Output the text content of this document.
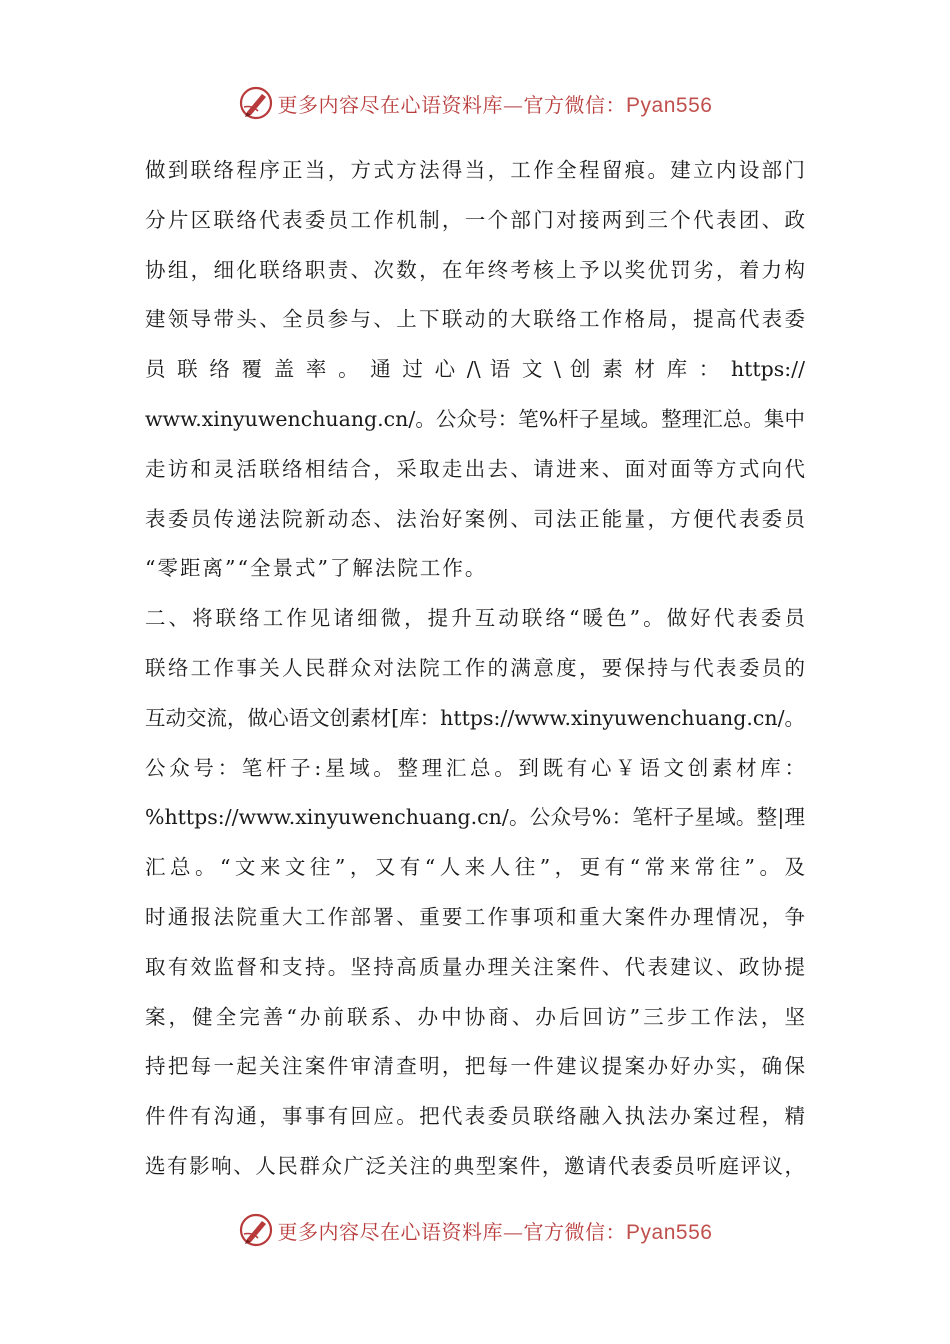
更多内容尽在心语资料库—官方微信：Pyan556
做到联络程序正当，方式方法得当，工作全程留痕。建立内设部门
分片区联络代表委员工作机制，一个部门对接两到三个代表团、政
协组，细化联络职责、次数，在年终考核上予以奖优罚劣，着力构
建领导带头、全员参与、上下联动的大联络工作格局，提高代表委
员 联 络 覆 盖 率 。 通 过 心 /\ 语 文 \ 创 素 材 库 ： https://
www.xinyuwenchuang.cn/。公众号：笔%杆子星域。整理汇总。集中
走访和灵活联络相结合，采取走出去、请进来、面对面等方式向代
表委员传递法院新动态、法治好案例、司法正能量，方便代表委员
“零距离”“全景式”了解法院工作。
二、将联络工作见诸细微，提升互动联络“暖色”。做好代表委员
联络工作事关人民群众对法院工作的满意度，要保持与代表委员的
互动交流，做心语文创素材[库：https://www.xinyuwenchuang.cn/。
公众号：笔杆子:星域。整理汇总。到既有心￥语文创素材库：
%https://www.xinyuwenchuang.cn/。公众号%：笔杆子星域。整|理
汇总。“文来文往”，又有“人来人往”，更有“常来常往”。及
时通报法院重大工作部署、重要工作事项和重大案件办理情况，争
取有效监督和支持。坚持高质量办理关注案件、代表建议、政协提
案，健全完善“办前联系、办中协商、办后回访”三步工作法，坚
持把每一起关注案件审清查明，把每一件建议提案办好办实，确保
件件有沟通，事事有回应。把代表委员联络融入执法办案过程，精
选有影响、人民群众广泛关注的典型案件，邀请代表委员听庭评议，
更多内容尽在心语资料库—官方微信：Pyan556
